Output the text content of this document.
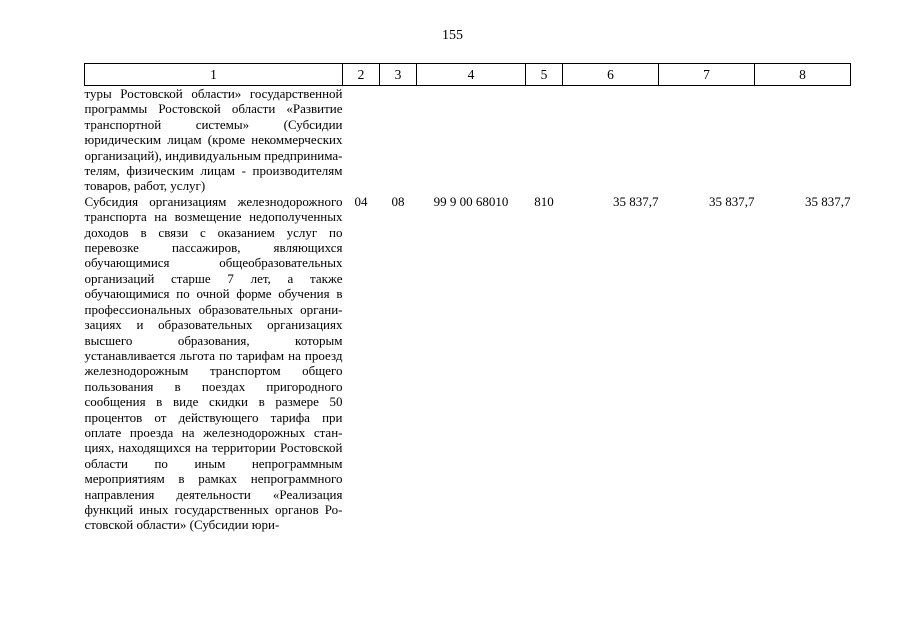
155
1	2	3	4	5	6	7	8
туры Ростовской области» государственной программы Ростовской области «Развитие транспортной системы» (Субсидии юридическим лицам (кроме некоммерческих организаций), индивидуальным предпринимателям, физическим лицам - производителям товаров, работ, услуг)							
Субсидия организациям железнодорожного транспорта на возмещение недополученных доходов в связи с оказанием услуг по перевозке пассажиров, являющихся обучающимися общеобразовательных организаций старше 7 лет, а также обучающимися по очной форме обучения в профессиональных образовательных организациях и образовательных организациях высшего образования, которым устанавливается льгота по тарифам на проезд железнодорожным транспортом общего пользования в поездах пригородного сообщения в виде скидки в размере 50 процентов от действующего тарифа при оплате проезда на железнодорожных станциях, находящихся на территории Ростовской области по иным непрограммным мероприятиям в рамках непрограммного направления деятельности «Реализация функций иных государственных органов Ростовской области» (Субсидии юри-	04	08	99 9 00 68010	810	35 837,7	35 837,7	35 837,7
